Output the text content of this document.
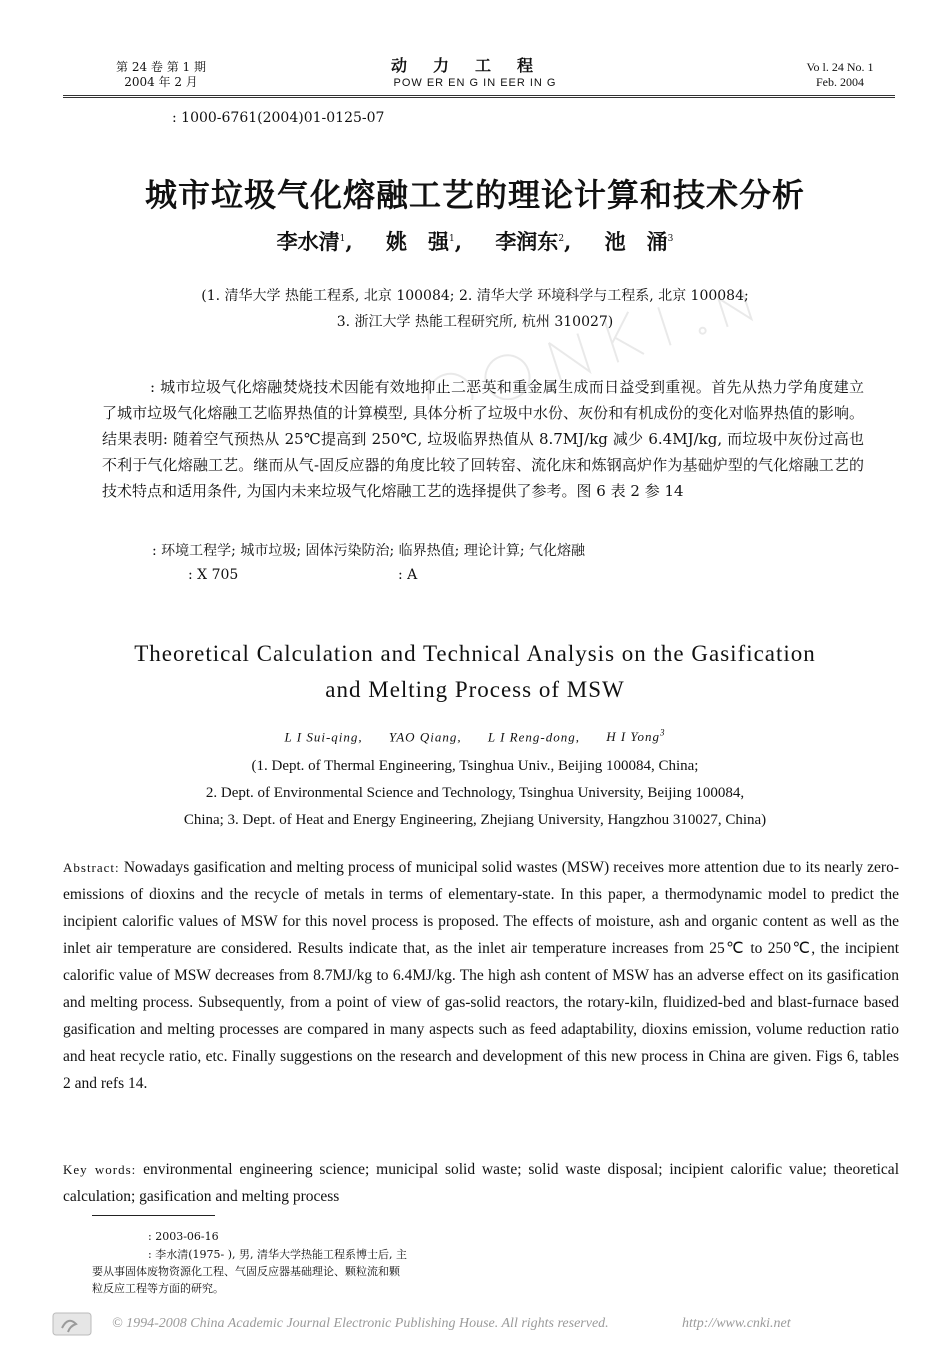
第 24 卷 第 1 期
2004 年 2 月
动力工程
POW ER EN G IN EER IN G
Vo l. 24 No. 1
Feb. 2004
: 1000-6761(2004)01-0125-07
城市垃圾气化熔融工艺的理论计算和技术分析
李水清$^1$, 姚　强$^1$, 李润东$^2$, 池　涌$^3$
(1. 清华大学 热能工程系, 北京 100084; 2. 清华大学 环境科学与工程系, 北京 100084;
3. 浙江大学 热能工程研究所, 杭州 310027)
: 城市垃圾气化熔融焚烧技术因能有效地抑止二恶英和重金属生成而日益受到重视。首先从热力学角度建立了城市垃圾气化熔融工艺临界热值的计算模型, 具体分析了垃圾中水份、灰份和有机成份的变化对临界热值的影响。结果表明: 随着空气预热从 25℃提高到 250℃, 垃圾临界热值从 8.7MJ/kg 减少 6.4MJ/kg, 而垃圾中灰份过高也不利于气化熔融工艺。继而从气-固反应器的角度比较了回转窑、流化床和炼钢高炉作为基础炉型的气化熔融工艺的技术特点和适用条件, 为国内未来垃圾气化熔融工艺的选择提供了参考。图 6 表 2 参 14
: 环境工程学; 城市垃圾; 固体污染防治; 临界热值; 理论计算; 气化熔融
: X 705	: A
Theoretical Calculation and Technical Analysis on the Gasification
and Melting Process of MSW
L I Sui-qing, YAO Qiang, L I Reng-dong, H I Yong$^3$
(1. Dept. of Thermal Engineering, Tsinghua Univ., Beijing 100084, China;
2. Dept. of Environmental Science and Technology, Tsinghua University, Beijing 100084,
China; 3. Dept. of Heat and Energy Engineering, Zhejiang University, Hangzhou 310027, China)
Abstract: Nowadays gasification and melting process of municipal solid wastes (MSW) receives more attention due to its nearly zero-emissions of dioxins and the recycle of metals in terms of elementary-state. In this paper, a thermodynamic model to predict the incipient calorific values of MSW for this novel process is proposed. The effects of moisture, ash and organic content as well as the inlet air temperature are considered. Results indicate that, as the inlet air temperature increases from 25℃ to 250℃, the incipient calorific value of MSW decreases from 8.7MJ/kg to 6.4MJ/kg. The high ash content of MSW has an adverse effect on its gasification and melting process. Subsequently, from a point of view of gas-solid reactors, the rotary-kiln, fluidized-bed and blast-furnace based gasification and melting processes are compared in many aspects such as feed adaptability, dioxins emission, volume reduction ratio and heat recycle ratio, etc. Finally suggestions on the research and development of this new process in China are given. Figs 6, tables 2 and refs 14.
Key words: environmental engineering science; municipal solid waste; solid waste disposal; incipient calorific value; theoretical calculation; gasification and melting process
: 2003-06-16
: 李水清(1975- ), 男, 清华大学热能工程系博士后, 主
要从事固体废物资源化工程、气固反应器基础理论、颗粒流和颗
粒反应工程等方面的研究。
© 1994-2008 China Academic Journal Electronic Publishing House. All rights reserved.	http://www.cnki.net
